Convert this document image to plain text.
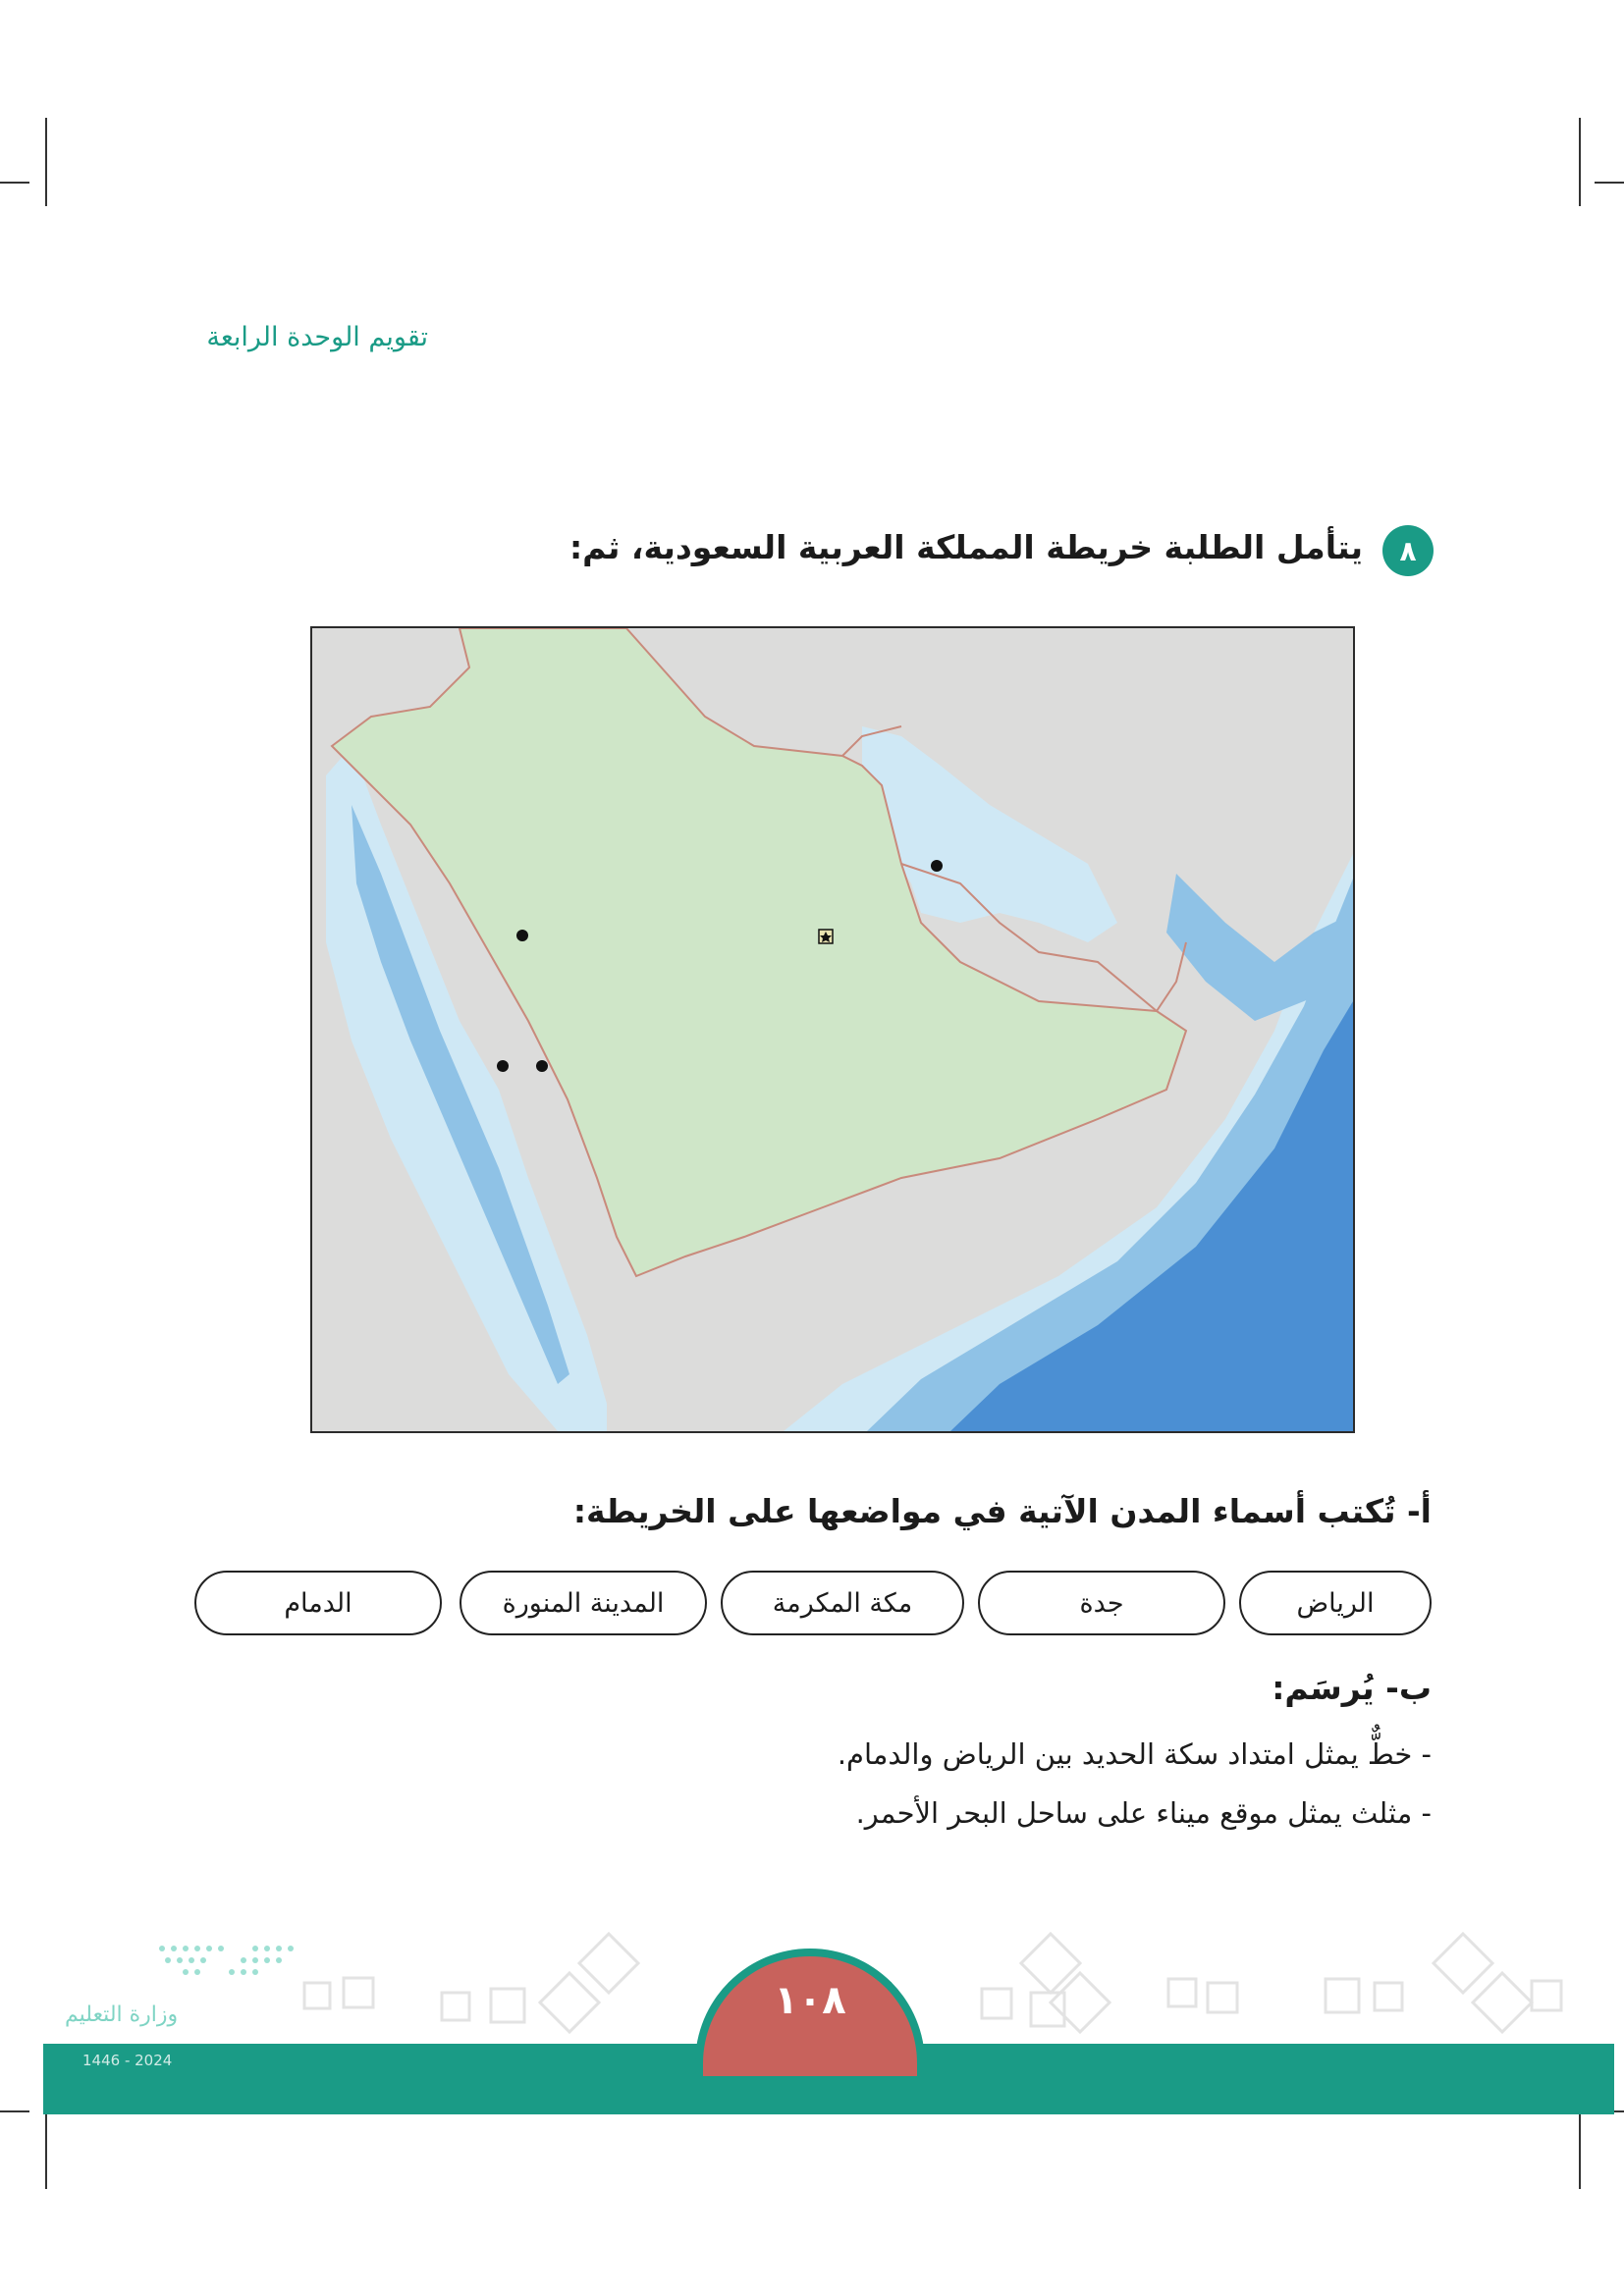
تقويم الوحدة الرابعة
٨
يتأمل الطلبة خريطة المملكة العربية السعودية، ثم:
أ- تُكتب أسماء المدن الآتية في مواضعها على الخريطة:
الرياض
جدة
مكة المكرمة
المدينة المنورة
الدمام
ب- يُرسَم:
- خطٌّ يمثل امتداد سكة الحديد بين الرياض والدمام.
- مثلث يمثل موقع ميناء على ساحل البحر الأحمر.
وزارة التعليم
2024 - 1446
١٠٨
